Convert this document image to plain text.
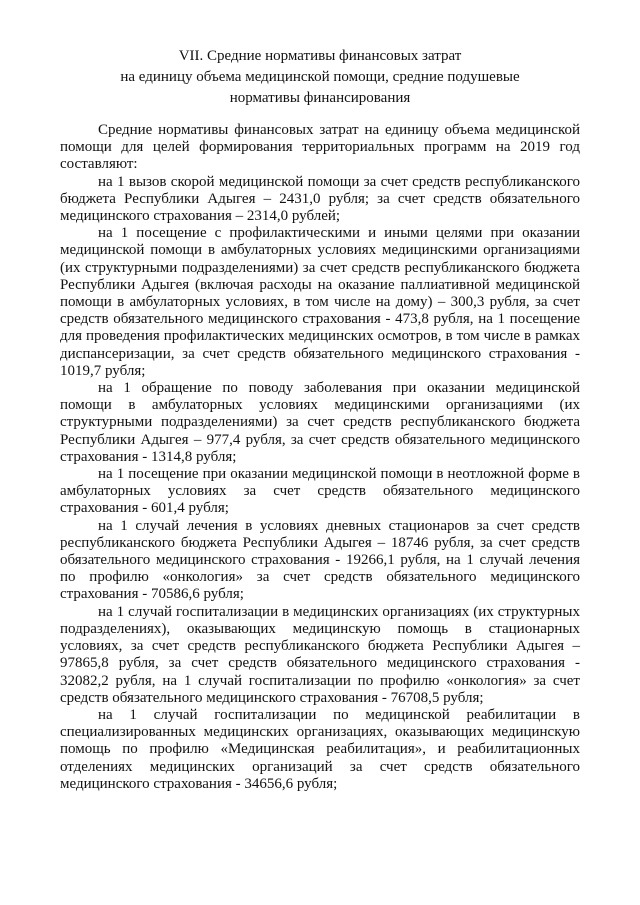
VII. Средние нормативы финансовых затрат
на единицу объема медицинской помощи, средние подушевые
нормативы финансирования

Средние нормативы финансовых затрат на единицу объема медицинской помощи для целей формирования территориальных программ на 2019 год составляют:

на 1 вызов скорой медицинской помощи за счет средств республиканского бюджета Республики Адыгея – 2431,0 рубля; за счет средств обязательного медицинского страхования – 2314,0 рублей;

на 1 посещение с профилактическими и иными целями при оказании медицинской помощи в амбулаторных условиях медицинскими организациями (их структурными подразделениями) за счет средств республиканского бюджета Республики Адыгея (включая расходы на оказание паллиативной медицинской помощи в амбулаторных условиях, в том числе на дому) – 300,3 рубля, за счет средств обязательного медицинского страхования - 473,8 рубля, на 1 посещение для проведения профилактических медицинских осмотров, в том числе в рамках диспансеризации, за счет средств обязательного медицинского страхования - 1019,7 рубля;

на 1 обращение по поводу заболевания при оказании медицинской помощи в амбулаторных условиях медицинскими организациями (их структурными подразделениями) за счет средств республиканского бюджета Республики Адыгея – 977,4 рубля, за счет средств обязательного медицинского страхования - 1314,8 рубля;

на 1 посещение при оказании медицинской помощи в неотложной форме в амбулаторных условиях за счет средств обязательного медицинского страхования - 601,4 рубля;

на 1 случай лечения в условиях дневных стационаров за счет средств республиканского бюджета Республики Адыгея – 18746 рубля, за счет средств обязательного медицинского страхования - 19266,1 рубля, на 1 случай лечения по профилю «онкология» за счет средств обязательного медицинского страхования - 70586,6 рубля;

на 1 случай госпитализации в медицинских организациях (их структурных подразделениях), оказывающих медицинскую помощь в стационарных условиях, за счет средств республиканского бюджета Республики Адыгея – 97865,8 рубля, за счет средств обязательного медицинского страхования - 32082,2 рубля, на 1 случай госпитализации по профилю «онкология» за счет средств обязательного медицинского страхования - 76708,5 рубля;

на 1 случай госпитализации по медицинской реабилитации в специализированных медицинских организациях, оказывающих медицинскую помощь по профилю «Медицинская реабилитация», и реабилитационных отделениях медицинских организаций за счет средств обязательного медицинского страхования - 34656,6 рубля;
